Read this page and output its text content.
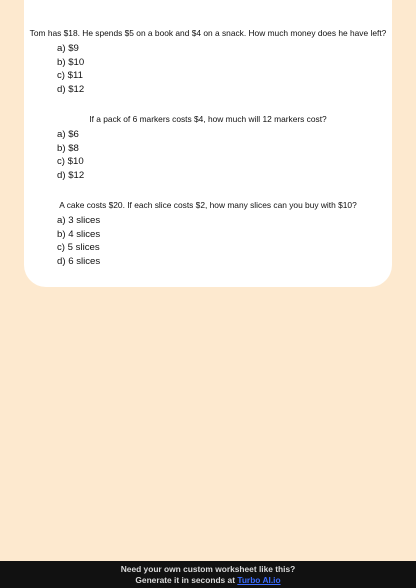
Tom has $18. He spends $5 on a book and $4 on a snack. How much money does he have left?
a) $9
b) $10
c) $11
d) $12
If a pack of 6 markers costs $4, how much will 12 markers cost?
a) $6
b) $8
c) $10
d) $12
A cake costs $20. If each slice costs $2, how many slices can you buy with $10?
a) 3 slices
b) 4 slices
c) 5 slices
d) 6 slices
Need your own custom worksheet like this?
Generate it in seconds at Turbo AI.io
